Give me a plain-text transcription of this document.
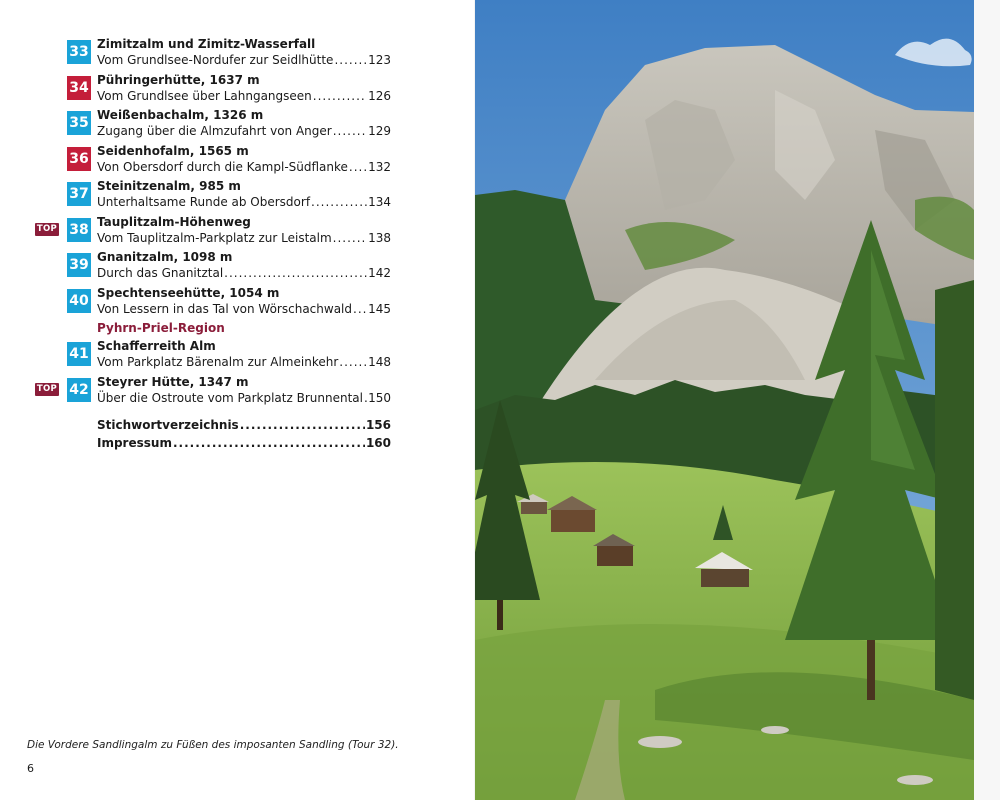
33 Zimitzalm und Zimitz-Wasserfall
Vom Grundlsee-Nordufer zur Seidlhütte .....	123
34 Pühringerhütte, 1637 m
Vom Grundlsee über Lahngangseen .....	126
35 Weißenbachalm, 1326 m
Zugang über die Almzufahrt von Anger .....	129
36 Seidenhofalm, 1565 m
Von Obersdorf durch die Kampl-Südflanke ..... 132
37 Steinitzenalm, 985 m
Unterhaltsame Runde ab Obersdorf .....	134
TOP 38 Tauplitzalm-Höhenweg
Vom Tauplitzalm-Parkplatz zur Leistalm .....	138
39 Gnanitzalm, 1098 m
Durch das Gnanitztal .....	142
40 Spechtenseehütte, 1054 m
Von Lessern in das Tal von Wörschachwald ..... 145
Pyhrn-Priel-Region
41 Schafferreith Alm
Vom Parkplatz Bärenalm zur Almeinkehr ..... 148
TOP 42 Steyrer Hütte, 1347 m
Über die Ostroute vom Parkplatz Brunnental ..... 150
Stichwortverzeichnis .....	156
Impressum .....	160
Die Vordere Sandlingalm zu Füßen des imposanten Sandling (Tour 32).
6
